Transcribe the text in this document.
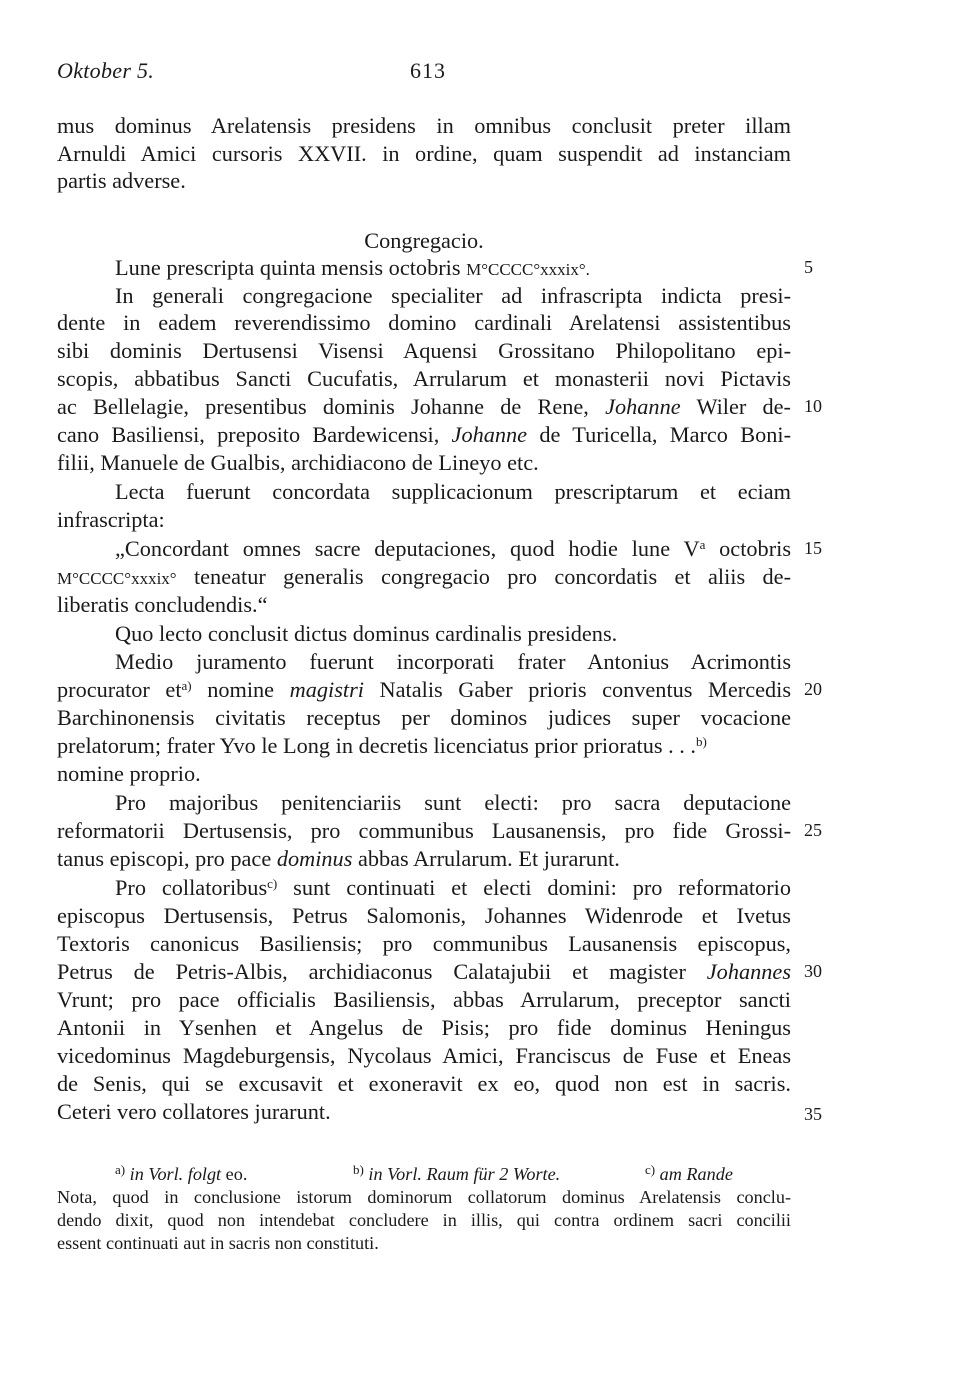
Oktober 5.	613
mus dominus Arelatensis presidens in omnibus conclusit preter illam
Arnuldi Amici cursoris XXVII. in ordine, quam suspendit ad instanciam
partis adverse.
Congregacio.
Lune prescripta quinta mensis octobris M°CCCC°xxxix°.
In generali congregacione specialiter ad infrascripta indicta presi-
dente in eadem reverendissimo domino cardinali Arelatensi assistentibus
sibi dominis Dertusensi Visensi Aquensi Grossitano Philopolitano epi-
scopis, abbatibus Sancti Cucufatis, Arrularum et monasterii novi Pictavis
ac Bellelagie, presentibus dominis Johanne de Rene, Johanne Wiler de-
cano Basiliensi, preposito Bardewicensi, Johanne de Turicella, Marco Boni-
filii, Manuele de Gualbis, archidiacono de Lineyo etc.
Lecta fuerunt concordata supplicacionum prescriptarum et eciam
infrascripta:
„Concordant omnes sacre deputaciones, quod hodie lune $V^a$ octobris
M°CCCC°xxxix° teneatur generalis congregacio pro concordatis et aliis de-
liberatis concludendis.“
Quo lecto conclusit dictus dominus cardinalis presidens.
Medio juramento fuerunt incorporati frater Antonius Acrimontis
procurator $et^{a)}$ nomine magistri Natalis Gaber prioris conventus Mercedis
Barchinonensis civitatis receptus per dominos judices super vocacione
prelatorum; frater Yvo le Long in decretis licenciatus prior prioratus . . .$^{b)}$
nomine proprio.
Pro majoribus penitenciariis sunt electi: pro sacra deputacione
reformatorii Dertusensis, pro communibus Lausanensis, pro fide Grossi-
tanus episcopi, pro pace dominus abbas Arrularum. Et jurarunt.
Pro collatoribus$^{c)}$ sunt continuati et electi domini: pro reformatorio
episcopus Dertusensis, Petrus Salomonis, Johannes Widenrode et Ivetus
Textoris canonicus Basiliensis; pro communibus Lausanensis episcopus,
Petrus de Petris-Albis, archidiaconus Calatajubii et magister Johannes
Vrunt; pro pace officialis Basiliensis, abbas Arrularum, preceptor sancti
Antonii in Ysenhen et Angelus de Pisis; pro fide dominus Heningus
vicedominus Magdeburgensis, Nycolaus Amici, Franciscus de Fuse et Eneas
de Senis, qui se excusavit et exoneravit ex eo, quod non est in sacris.
Ceteri vero collatores jurarunt.
5
10
15
20
25
30
35
$^{a)}$ in Vorl. folgt eo.	$^{b)}$ in Vorl. Raum für 2 Worte.	$^{c)}$ am Rande
Nota, quod in conclusione istorum dominorum collatorum dominus Arelatensis conclu-
dendo dixit, quod non intendebat concludere in illis, qui contra ordinem sacri concilii
essent continuati aut in sacris non constituti.
